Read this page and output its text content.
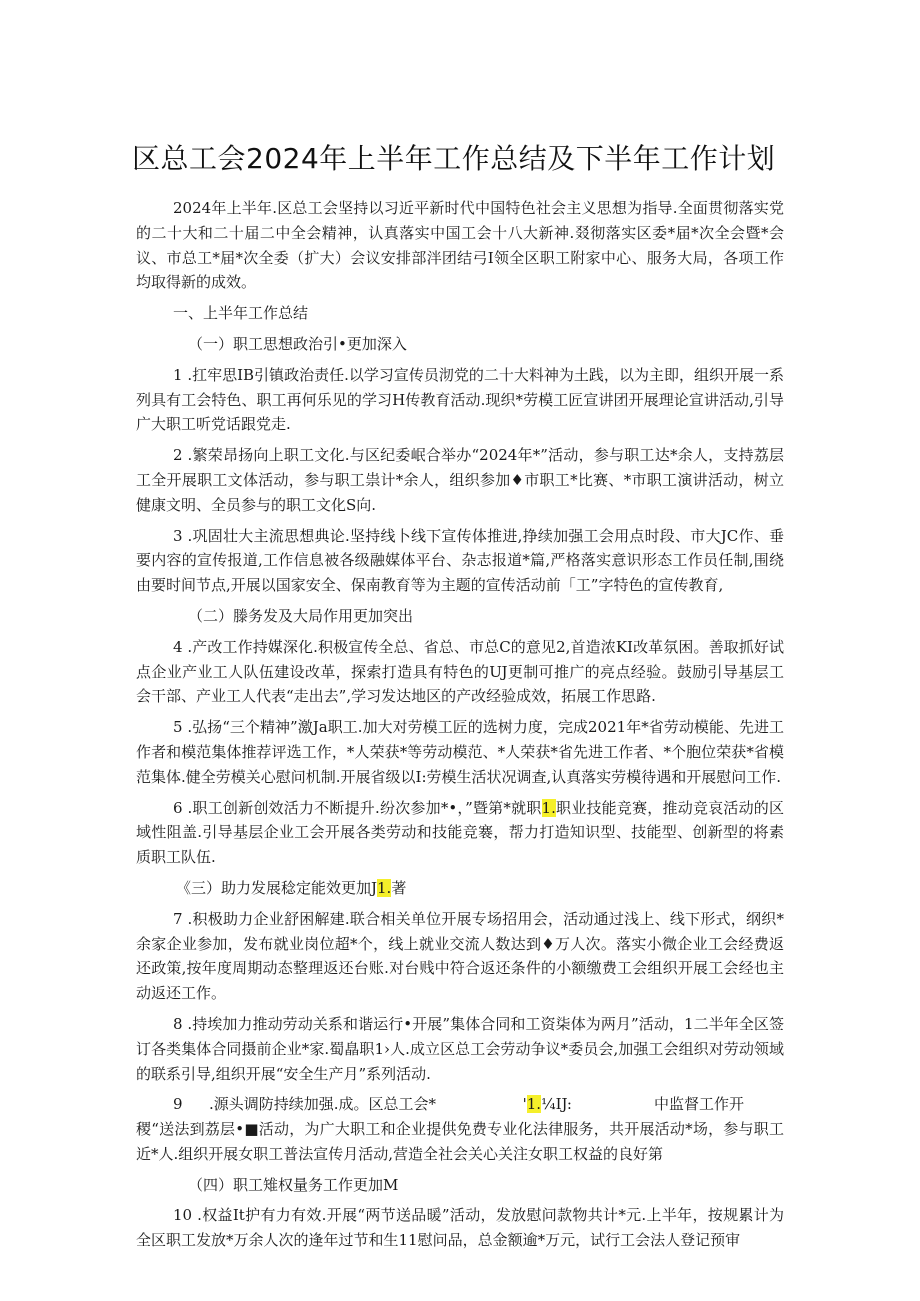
区总工会2024年上半年工作总结及下半年工作计划

2024年上半年.区总工会坚持以习近平新时代中国特色社会主义思想为指导.全面贯彻落实党的二十大和二十届二中全会精神，认真落实中国工会十八大新神.叕彻落实区委*届*次全会暨*会议、市总工*届*次全委（扩大）会议安排部泮团结弓I领全区职工附家中心、服务大局，各项工作均取得新的成效。

一、上半年工作总结

（一）职工思想政治引•更加深入

1 .扛牢思IB引镇政治责任.以学习宣传员沏党的二十大料神为土践，以为主即，组织开展一系列具有工会特色、职工再何乐见的学习H传教育活动.现织*劳模工匠宣讲团开展理论宣讲活动,引导广大职工听党话跟党走.

2 .繁荣昂扬向上职工文化.与区纪委岷合举办“2024年*”活动，参与职工达*余人，支持荔层工全开展职工文体活动，参与职工祟计*余人，组织参加♦市职工*比赛、*市职工演讲活动，树立健康文明、全员参与的职工文化S向.

3 .巩固壮大主流思想典论.坚持线卜线下宣传体推进,挣续加强工会用点时段、市大JC作、垂要内容的宣传报道,工作信息被各级融媒体平台、杂志报道*篇,严格落实意识形态工作员任制,围绕由要时间节点,开展以国家安全、保南教育等为主题的宣传活动前「工”字特色的宣传教育,

（二）滕务发及大局作用更加突出

4 .产改工作持媒深化.积极宣传全总、省总、市总C的意见2,首造浓KI改革氛困。善取抓好试点企业产业工人队伍建设改革，探索打造具有特色的UJ更制可推广的亮点经验。鼓励引导基层工会干部、产业工人代表“走出去”,学习发达地区的产改经验成效，拓展工作思路.

5 .弘扬“三个精神”激Ja职工.加大对劳模工匠的选树力度，完成2021年*省劳动模能、先进工作者和模范集体推荐评选工作，*人荣获*等劳动模范、*人荣获*省先进工作者、*个胞位荣获*省模范集体.健全劳模关心慰问机制.开展省级以I:劳模生活状况调查,认真落实劳模待遇和开展慰问工作.

6 .职工创新创效活力不断提升.纷次参加*•，”暨第*就职1.职业技能竞赛，推动竞哀活动的区域性阻盖.引导基层企业工会开展各类劳动和技能竞褰，帮力打造知识型、技能型、创新型的将素质职工队伍.

《三）助力发展稔定能效更加J1.著

7 .积极助力企业舒困解建.联合相关单位开展专场招用会，活动通过浅上、线下形式，纲织*余家企业参加，发布就业岗位超*个，线上就业交流人数达到♦万人次。落实小微企业工会经费返还政策,按年度周期动态整理返还台账.对台贱中符合返还条件的小额缴费工会组织开展工会经也主动返还工作。

8 .持埃加力推动劳动关系和谐运行•开展”集体合同和工资柒体为两月”活动，1二半年全区签订各类集体合同摄前企业*家.蜀皛职1›人.成立区总工会劳动争议*委员会,加强工会组织对劳动领域的联系引导,组织开展“安全生产月”系列活动.

9	.源头调防持续加强.成。区总工会*	'1.¼IJ:	中监督工作开

稷“送法到荔层•■活动，为广大职工和企业提供免费专业化法律服务，共开展活动*场，参与职工近*人.组织开展女职工普法宣传月活动,营造全社会关心关注女职工权益的良好第

（四）职工雉权量务工作更加M

10 .权益It护有力有效.开展“两节送品暖”活动，发放慰问款物共计*元.上半年，按规累计为全区职工发放*万余人次的逢年过节和生11慰问品，总金额逾*万元，试行工会法人登记预审
